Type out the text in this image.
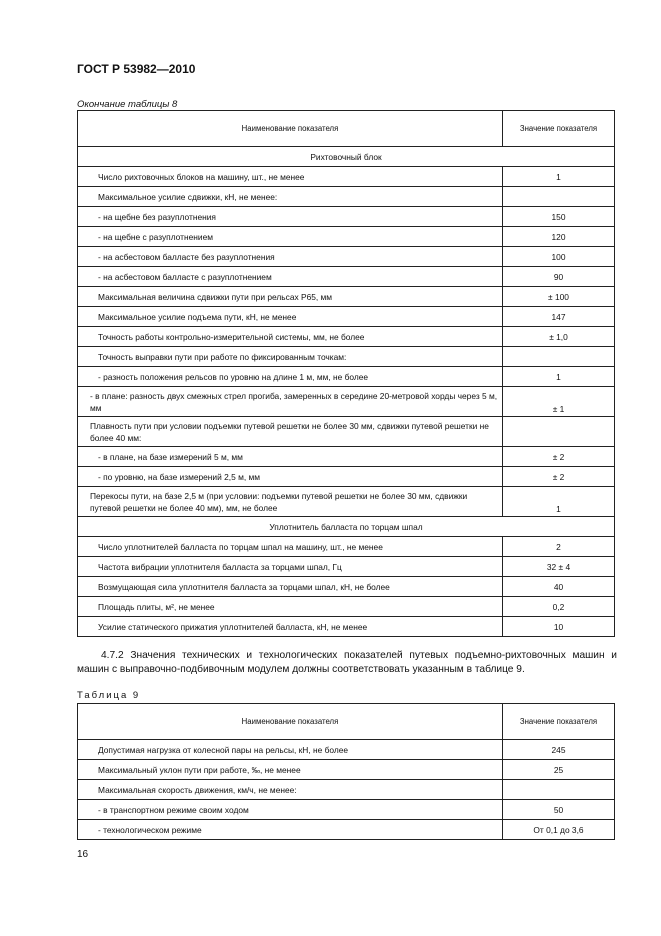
ГОСТ Р 53982—2010
Окончание таблицы 8
Наименование показателя	Значение показателя
Рихтовочный блок	
Число рихтовочных блоков на машину, шт., не менее	1
Максимальное усилие сдвижки, кН, не менее:	
- на щебне без разуплотнения	150
- на щебне с разуплотнением	120
- на асбестовом балласте без разуплотнения	100
- на асбестовом балласте с разуплотнением	90
Максимальная величина сдвижки пути при рельсах Р65, мм	± 100
Максимальное усилие подъема пути, кН, не менее	147
Точность работы контрольно-измерительной системы, мм, не более	± 1,0
Точность выправки пути при работе по фиксированным точкам:	
- разность положения рельсов по уровню на длине 1 м, мм, не более	1
- в плане: разность двух смежных стрел прогиба, замеренных в середине 20-метровой хорды через 5 м, мм	± 1
Плавность пути при условии подъемки путевой решетки не более 30 мм, сдвижки путевой решетки не более 40 мм:	
- в плане, на базе измерений 5 м, мм	± 2
- по уровню, на базе измерений 2,5 м, мм	± 2
Перекосы пути, на базе 2,5 м (при условии: подъемки путевой решетки не более 30 мм, сдвижки путевой решетки не более 40 мм), мм, не более	1
Уплотнитель балласта по торцам шпал	
Число уплотнителей балласта по торцам шпал на машину, шт., не менее	2
Частота вибрации уплотнителя балласта за торцами шпал, Гц	32 ± 4
Возмущающая сила уплотнителя балласта за торцами шпал, кН, не более	40
Площадь плиты, м², не менее	0,2
Усилие статического прижатия уплотнителей балласта, кН, не менее	10
4.7.2 Значения технических и технологических показателей путевых подъемно-рихтовочных машин и машин с выправочно-подбивочным модулем должны соответствовать указанным в таблице 9.
Таблица 9
Наименование показателя	Значение показателя
Допустимая нагрузка от колесной пары на рельсы, кН, не более	245
Максимальный уклон пути при работе, ‰, не менее	25
Максимальная скорость движения, км/ч, не менее:	
- в транспортном режиме своим ходом	50
- технологическом режиме	От 0,1 до 3,6
16
